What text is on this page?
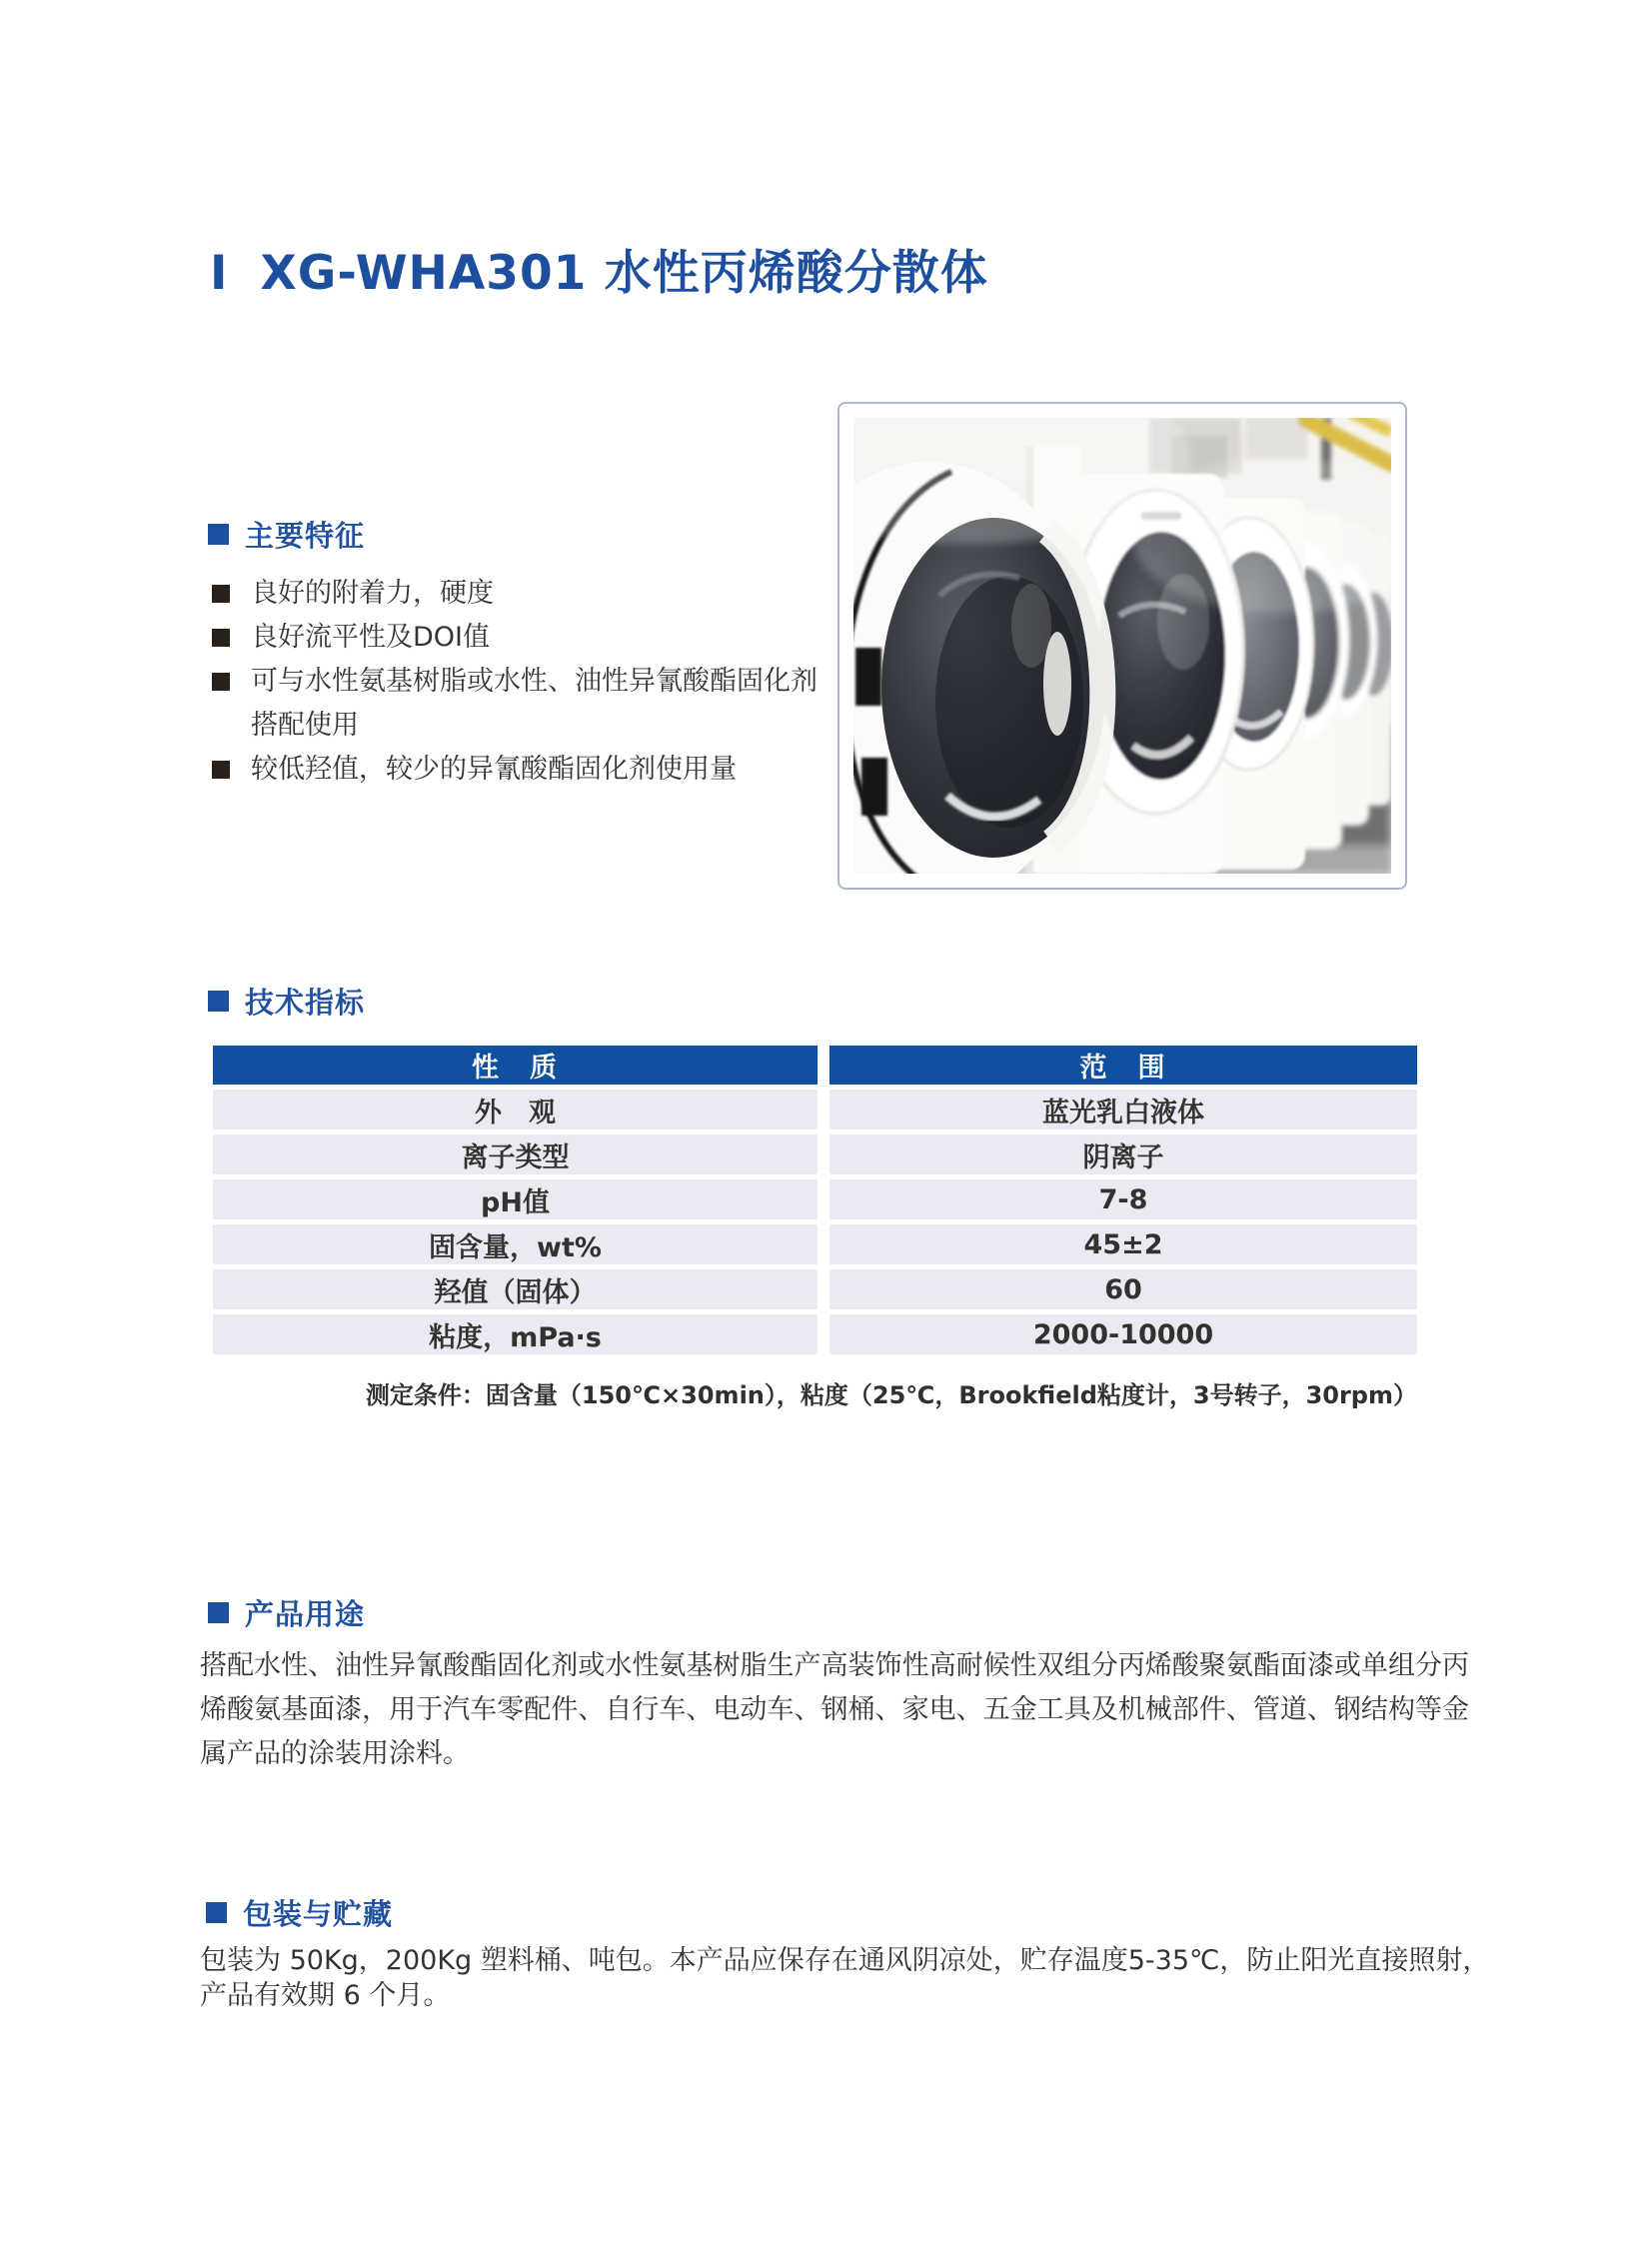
Ⅰ XG-WHA301 水性丙烯酸分散体
主要特征
良好的附着力，硬度
良好流平性及DOI值
可与水性氨基树脂或水性、油性异氰酸酯固化剂搭配使用
较低羟值，较少的异氰酸酯固化剂使用量
技术指标
性　质	范　围
外　观	蓝光乳白液体
离子类型	阴离子
pH值	7-8
固含量，wt%	45±2
羟值（固体）	60
粘度，mPa·s	2000-10000
测定条件：固含量（150℃×30min），粘度（25℃，Brookfield粘度计，3号转子，30rpm）
产品用途

搭配水性、油性异氰酸酯固化剂或水性氨基树脂生产高装饰性高耐候性双组分丙烯酸聚氨酯面漆或单组分丙烯酸氨基面漆，用于汽车零配件、自行车、电动车、钢桶、家电、五金工具及机械部件、管道、钢结构等金属产品的涂装用涂料。

包装与贮藏

包装为 50Kg，200Kg 塑料桶、吨包。本产品应保存在通风阴凉处，贮存温度5-35℃，防止阳光直接照射，产品有效期 6 个月。
